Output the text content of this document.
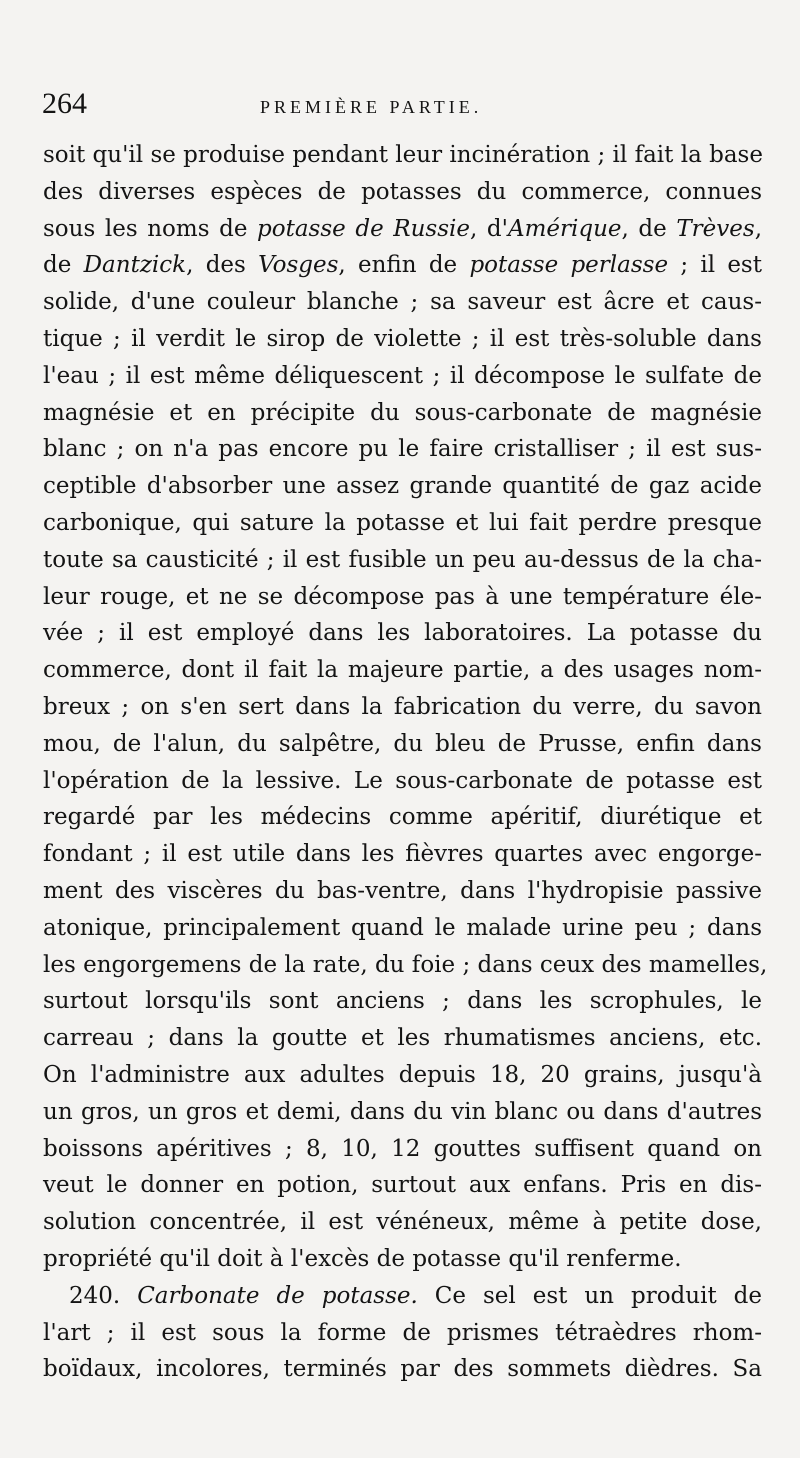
264	PREMIÈRE PARTIE.
soit qu'il se produise pendant leur incinération ; il fait la base
des diverses espèces de potasses du commerce, connues
sous les noms de potasse de Russie, d'Amérique, de Trèves,
de Dantzick, des Vosges, enfin de potasse perlasse ; il est
solide, d'une couleur blanche ; sa saveur est âcre et caus-
tique ; il verdit le sirop de violette ; il est très-soluble dans
l'eau ; il est même déliquescent ; il décompose le sulfate de
magnésie et en précipite du sous-carbonate de magnésie
blanc ; on n'a pas encore pu le faire cristalliser ; il est sus-
ceptible d'absorber une assez grande quantité de gaz acide
carbonique, qui sature la potasse et lui fait perdre presque
toute sa causticité ; il est fusible un peu au-dessus de la cha-
leur rouge, et ne se décompose pas à une température éle-
vée ; il est employé dans les laboratoires. La potasse du
commerce, dont il fait la majeure partie, a des usages nom-
breux ; on s'en sert dans la fabrication du verre, du savon
mou, de l'alun, du salpêtre, du bleu de Prusse, enfin dans
l'opération de la lessive. Le sous-carbonate de potasse est
regardé par les médecins comme apéritif, diurétique et
fondant ; il est utile dans les fièvres quartes avec engorge-
ment des viscères du bas-ventre, dans l'hydropisie passive
atonique, principalement quand le malade urine peu ; dans
les engorgemens de la rate, du foie ; dans ceux des mamelles,
surtout lorsqu'ils sont anciens ; dans les scrophules, le
carreau ; dans la goutte et les rhumatismes anciens, etc.
On l'administre aux adultes depuis 18, 20 grains, jusqu'à
un gros, un gros et demi, dans du vin blanc ou dans d'autres
boissons apéritives ; 8, 10, 12 gouttes suffisent quand on
veut le donner en potion, surtout aux enfans. Pris en dis-
solution concentrée, il est vénéneux, même à petite dose,
propriété qu'il doit à l'excès de potasse qu'il renferme.
240. Carbonate de potasse. Ce sel est un produit de
l'art ; il est sous la forme de prismes tétraèdres rhom-
boïdaux, incolores, terminés par des sommets dièdres. Sa
